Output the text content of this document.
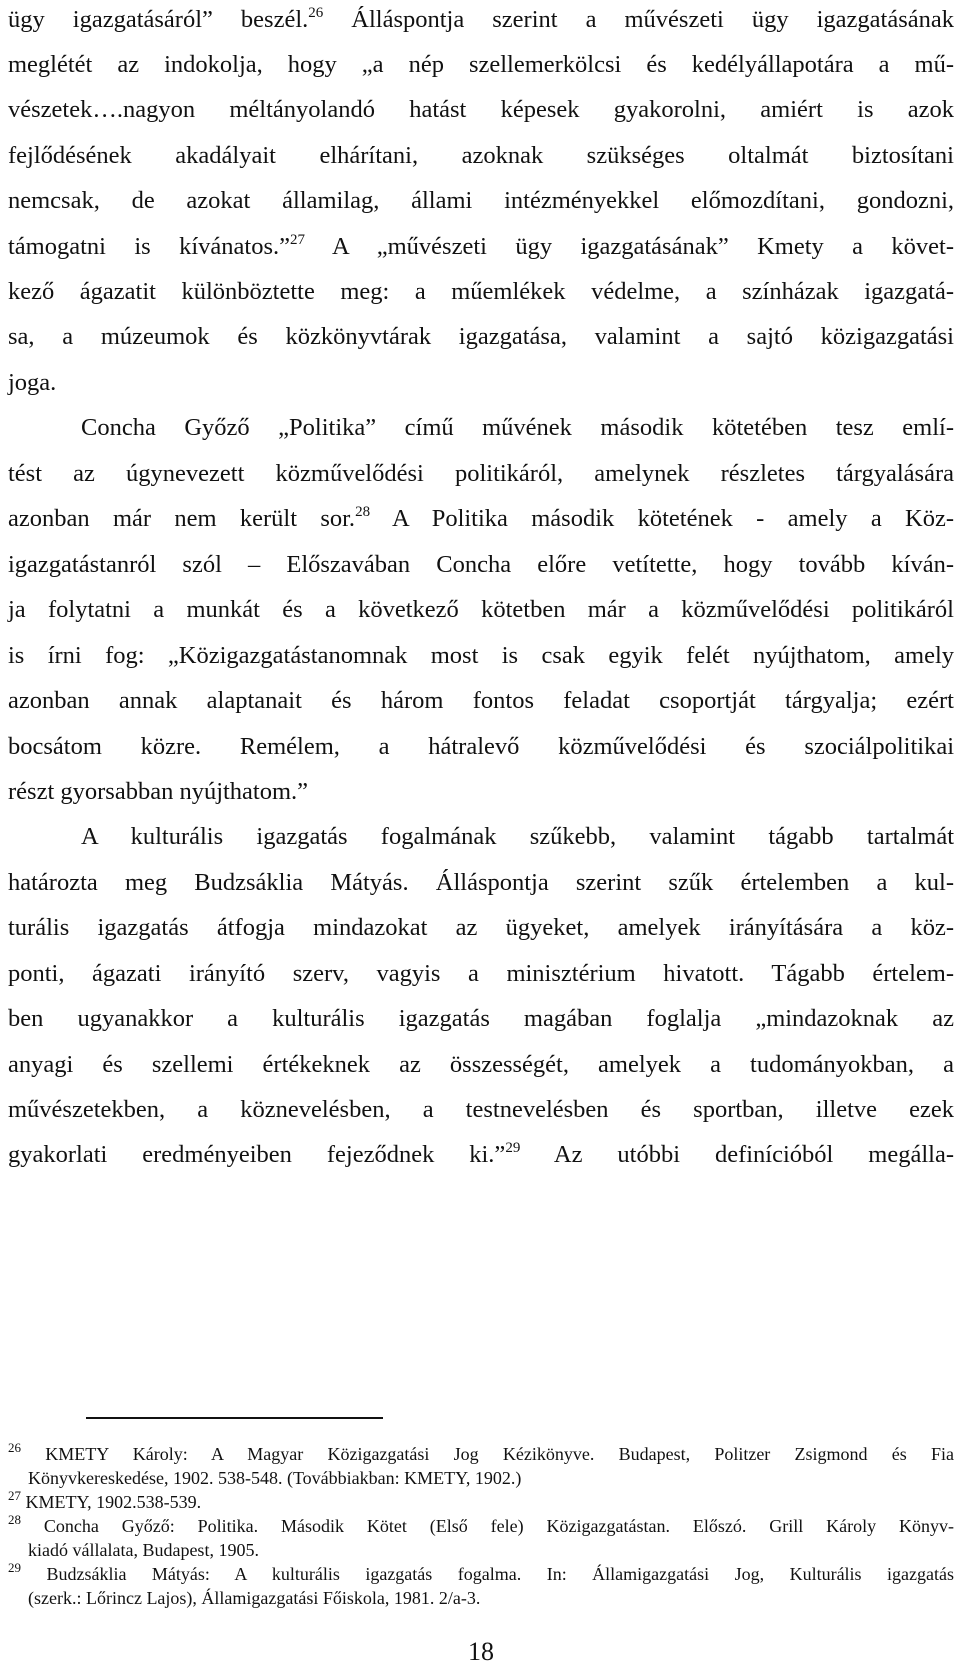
ügy igazgatásáról” beszél.$^{26}$ Álláspontja szerint a művészeti ügy igazgatásának
meglétét az indokolja, hogy „a nép szellemerkölcsi és kedélyállapotára a mű-
vészetek….nagyon méltányolandó hatást képesek gyakorolni, amiért is azok
fejlődésének akadályait elhárítani, azoknak szükséges oltalmát biztosítani
nemcsak, de azokat államilag, állami intézményekkel előmozdítani, gondozni,
támogatni is kívánatos.”$^{27}$ A „művészeti ügy igazgatásának” Kmety a követ-
kező ágazatit különböztette meg: a műemlékek védelme, a színházak igazgatá-
sa, a múzeumok és közkönyvtárak igazgatása, valamint a sajtó közigazgatási
joga.
Concha Győző „Politika” című művének második kötetében tesz emlí-
tést az úgynevezett közművelődési politikáról, amelynek részletes tárgyalására
azonban már nem került sor.$^{28}$ A Politika második kötetének - amely a Köz-
igazgatástanról szól – Előszavában Concha előre vetítette, hogy tovább kíván-
ja folytatni a munkát és a következő kötetben már a közművelődési politikáról
is írni fog: „Közigazgatástanomnak most is csak egyik felét nyújthatom, amely
azonban annak alaptanait és három fontos feladat csoportját tárgyalja; ezért
bocsátom közre. Remélem, a hátralevő közművelődési és szociálpolitikai
részt gyorsabban nyújthatom.”
A kulturális igazgatás fogalmának szűkebb, valamint tágabb tartalmát
határozta meg Budzsáklia Mátyás. Álláspontja szerint szűk értelemben a kul-
turális igazgatás átfogja mindazokat az ügyeket, amelyek irányítására a köz-
ponti, ágazati irányító szerv, vagyis a minisztérium hivatott. Tágabb értelem-
ben ugyanakkor a kulturális igazgatás magában foglalja „mindazoknak az
anyagi és szellemi értékeknek az összességét, amelyek a tudományokban, a
művészetekben, a köznevelésben, a testnevelésben és sportban, illetve ezek
gyakorlati eredményeiben fejeződnek ki.”$^{29}$ Az utóbbi definícióból megálla-
$^{26}$ KMETY Károly: A Magyar Közigazgatási Jog Kézikönyve. Budapest, Politzer Zsigmond és Fia
Könyvkereskedése, 1902. 538-548. (Továbbiakban: KMETY, 1902.)
$^{27}$ KMETY, 1902.538-539.
$^{28}$ Concha Győző: Politika. Második Kötet (Első fele) Közigazgatástan. Előszó. Grill Károly Könyv-
kiadó vállalata, Budapest, 1905.
$^{29}$ Budzsáklia Mátyás: A kulturális igazgatás fogalma. In: Államigazgatási Jog, Kulturális igazgatás
(szerk.: Lőrincz Lajos), Államigazgatási Főiskola, 1981. 2/a-3.
18
